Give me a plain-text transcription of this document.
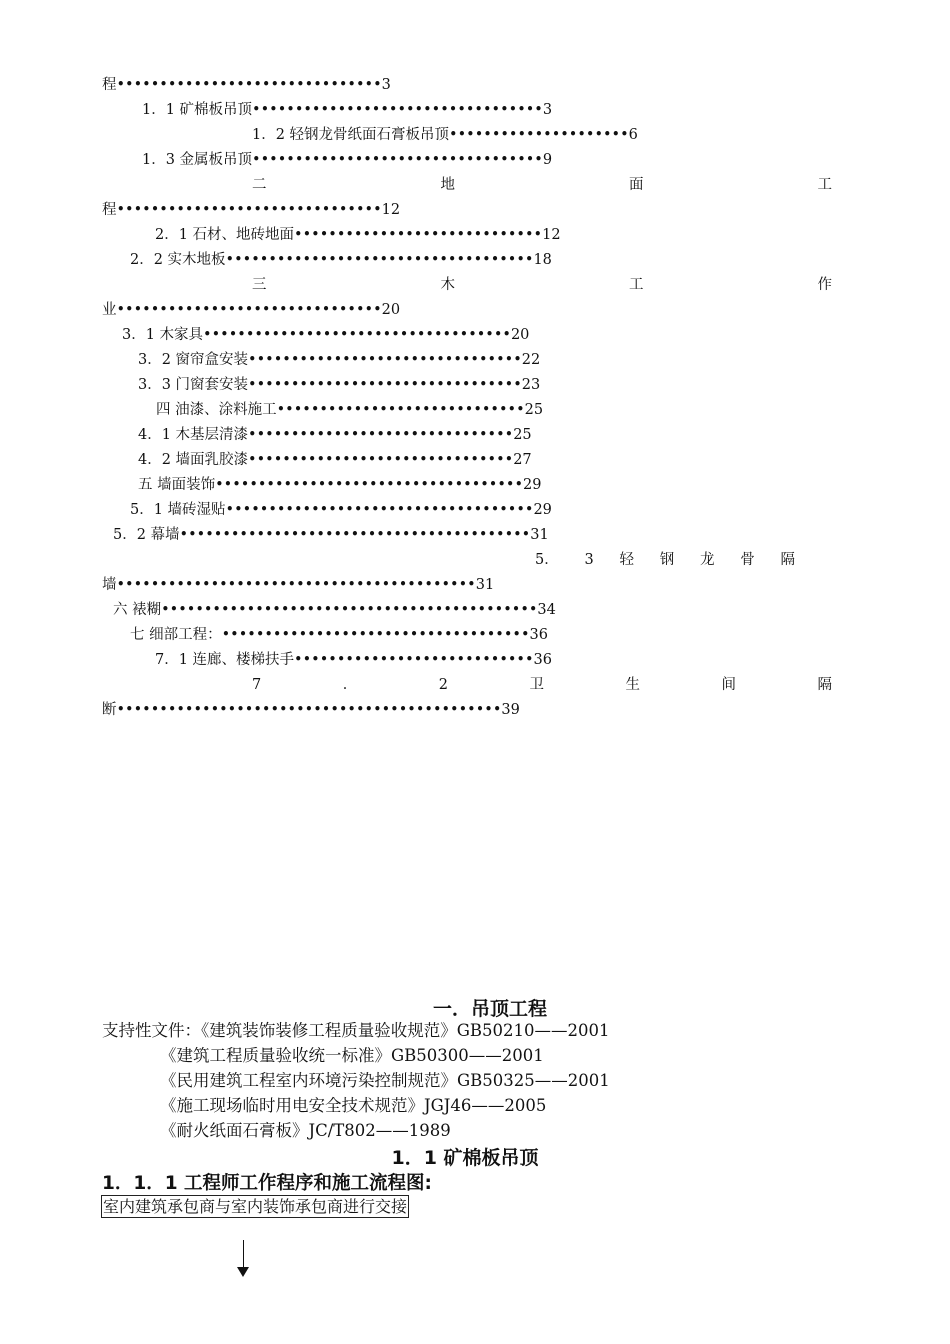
程•••••••••••••••••••••••••••••••3
1．1 矿棉板吊顶••••••••••••••••••••••••••••••••••3
1．2 轻钢龙骨纸面石膏板吊顶•••••••••••••••••••••6
1．3 金属板吊顶••••••••••••••••••••••••••••••••••9
二	地	面	工
程•••••••••••••••••••••••••••••••12
2．1 石材、地砖地面•••••••••••••••••••••••••••••12
2．2 实木地板••••••••••••••••••••••••••••••••••••18
三	木	工	作
业•••••••••••••••••••••••••••••••20
3．1 木家具••••••••••••••••••••••••••••••••••••20
3．2 窗帘盒安装••••••••••••••••••••••••••••••••22
3．3 门窗套安装••••••••••••••••••••••••••••••••23
四 油漆、涂料施工•••••••••••••••••••••••••••••25
4．1 木基层清漆•••••••••••••••••••••••••••••••25
4．2 墙面乳胶漆•••••••••••••••••••••••••••••••27
五 墙面装饰••••••••••••••••••••••••••••••••••••29
5．1 墙砖湿贴••••••••••••••••••••••••••••••••••••29
5．2 幕墙•••••••••••••••••••••••••••••••••••••••••31
5． 3 轻 钢 龙 骨 隔
墙••••••••••••••••••••••••••••••••••••••••••31
六 裱糊••••••••••••••••••••••••••••••••••••••••••••34
七 细部工程：••••••••••••••••••••••••••••••••••••36
7．1 连廊、楼梯扶手••••••••••••••••••••••••••••36
7	．	2	卫	生	间	隔
断•••••••••••••••••••••••••••••••••••••••••••••39
一．吊顶工程
支持性文件：《建筑装饰装修工程质量验收规范》GB50210——2001
《建筑工程质量验收统一标准》GB50300——2001
《民用建筑工程室内环境污染控制规范》GB50325——2001
《施工现场临时用电安全技术规范》JGJ46——2005
《耐火纸面石膏板》JC/T802——1989
1．1 矿棉板吊顶
1．1．1 工程师工作程序和施工流程图:
室内建筑承包商与室内装饰承包商进行交接
